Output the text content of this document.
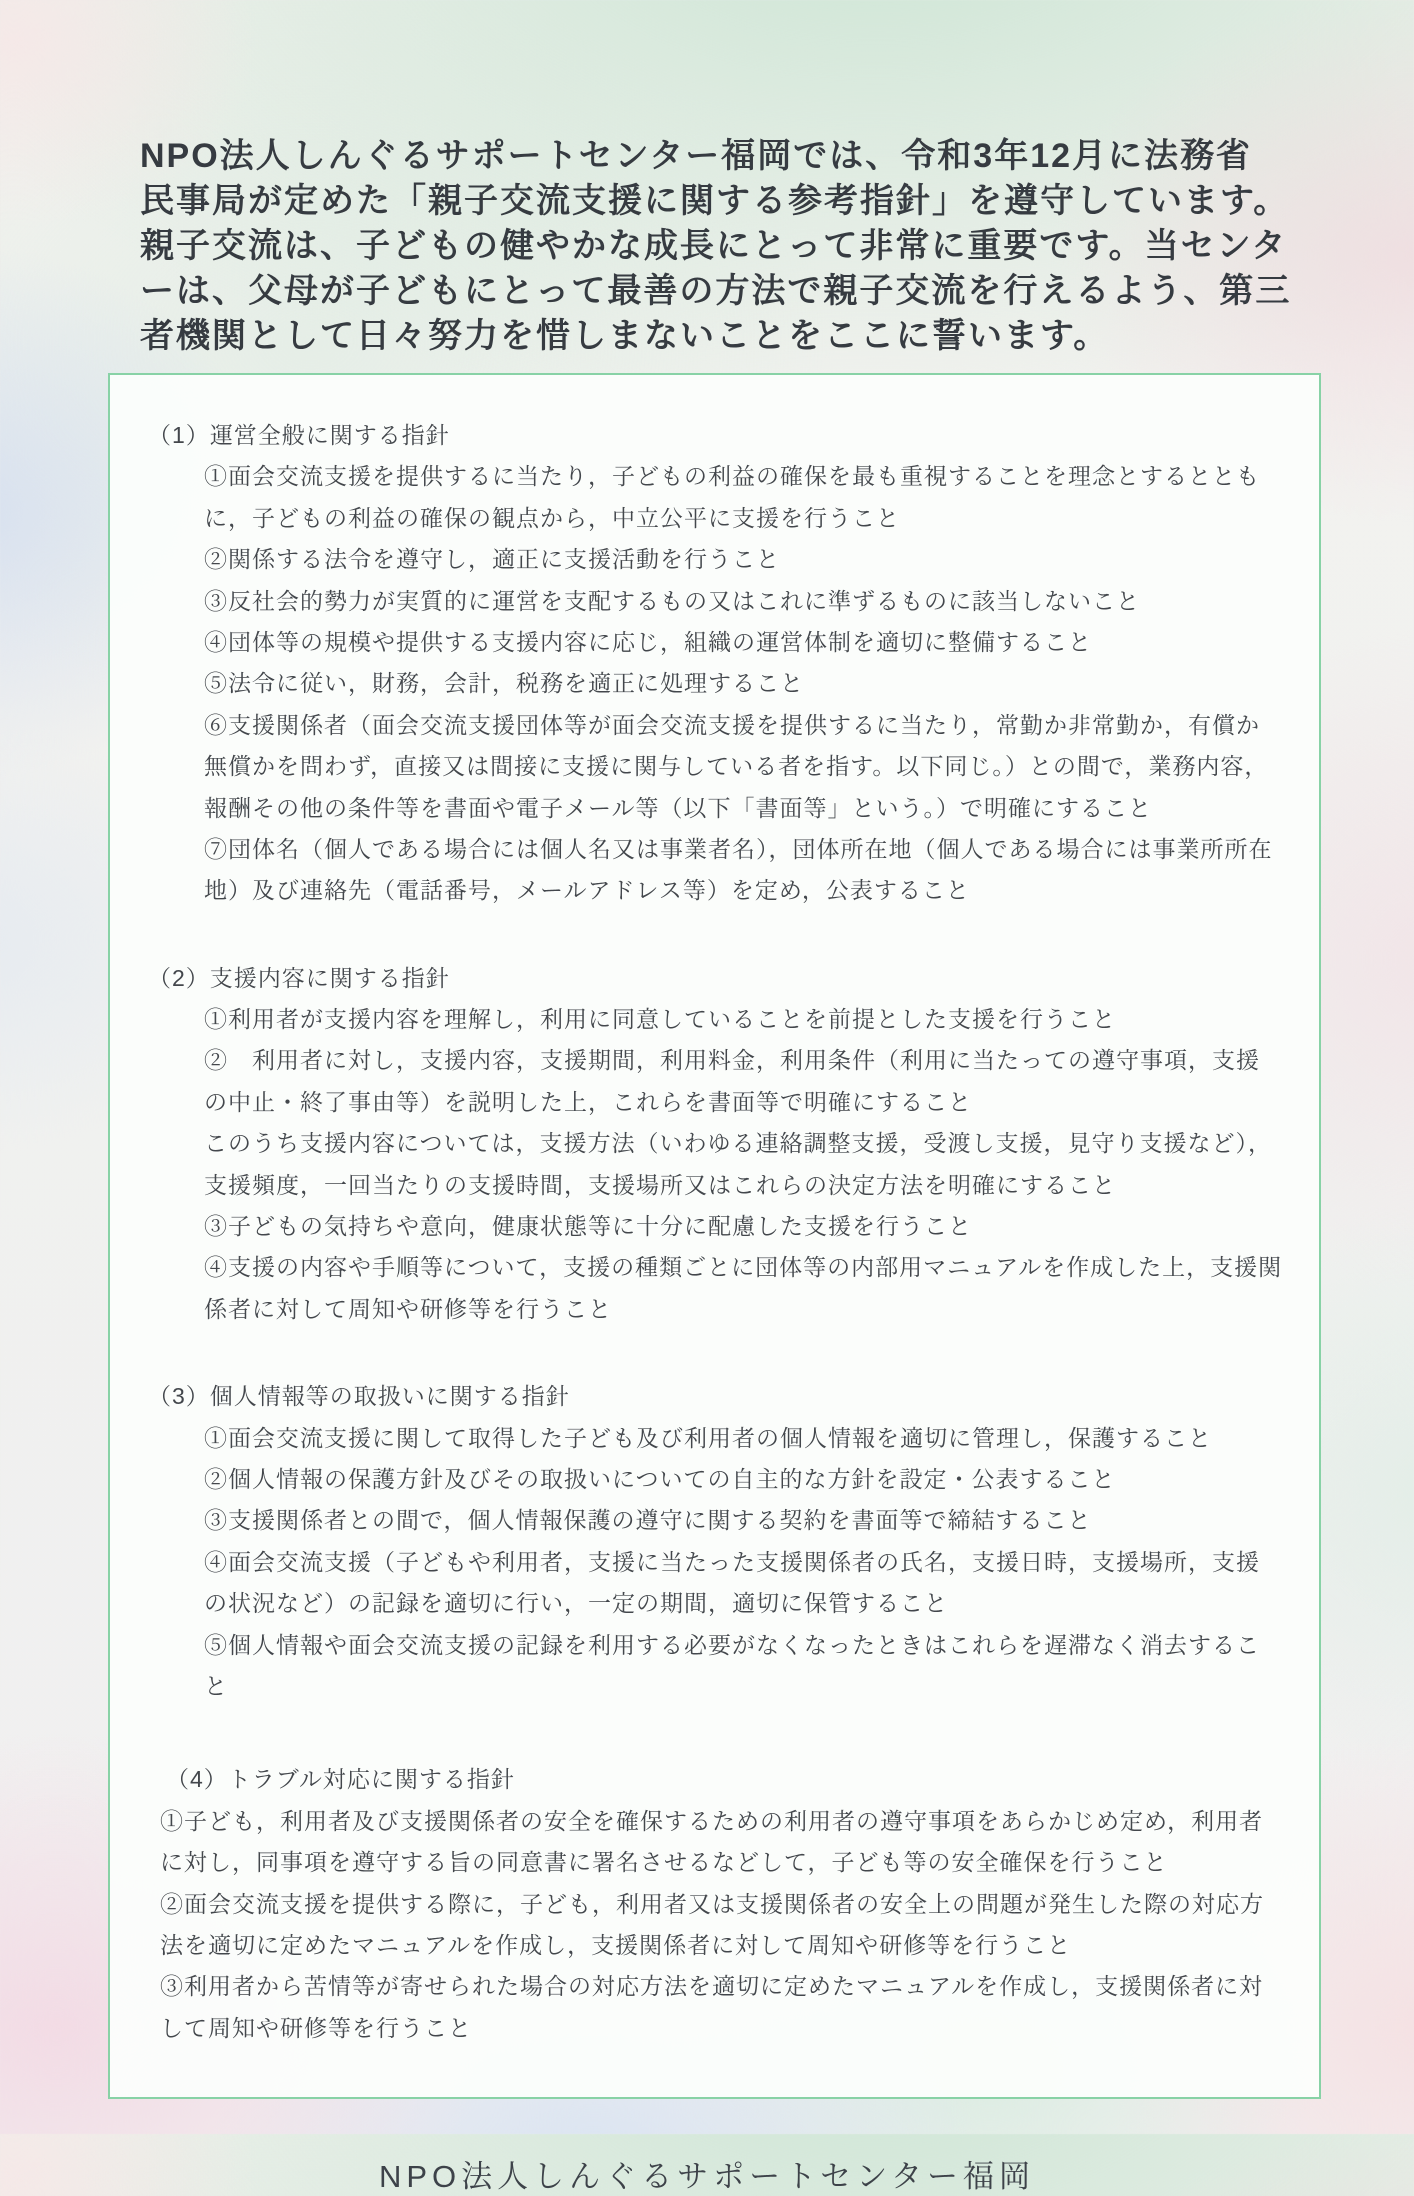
NPO法人しんぐるサポートセンター福岡では、令和3年12月に法務省

民事局が定めた「親子交流支援に関する参考指針」を遵守しています。

親子交流は、子どもの健やかな成長にとって非常に重要です。当センタ

ーは、父母が子どもにとって最善の方法で親子交流を行えるよう、第三

者機関として日々努力を惜しまないことをここに誓います。

（1）運営全般に関する指針

①面会交流支援を提供するに当たり，子どもの利益の確保を最も重視することを理念とするとともに，子どもの利益の確保の観点から，中立公平に支援を行うこと

②関係する法令を遵守し，適正に支援活動を行うこと

③反社会的勢力が実質的に運営を支配するもの又はこれに準ずるものに該当しないこと

④団体等の規模や提供する支援内容に応じ，組織の運営体制を適切に整備すること

⑤法令に従い，財務，会計，税務を適正に処理すること

⑥支援関係者（面会交流支援団体等が面会交流支援を提供するに当たり，常勤か非常勤か，有償か無償かを問わず，直接又は間接に支援に関与している者を指す。以下同じ。）との間で，業務内容，報酬その他の条件等を書面や電子メール等（以下「書面等」という。）で明確にすること

⑦団体名（個人である場合には個人名又は事業者名），団体所在地（個人である場合には事業所所在地）及び連絡先（電話番号，メールアドレス等）を定め，公表すること

（2）支援内容に関する指針

①利用者が支援内容を理解し，利用に同意していることを前提とした支援を行うこと

②　利用者に対し，支援内容，支援期間，利用料金，利用条件（利用に当たっての遵守事項，支援の中止・終了事由等）を説明した上，これらを書面等で明確にすること

このうち支援内容については，支援方法（いわゆる連絡調整支援，受渡し支援，見守り支援など），支援頻度，一回当たりの支援時間，支援場所又はこれらの決定方法を明確にすること

③子どもの気持ちや意向，健康状態等に十分に配慮した支援を行うこと

④支援の内容や手順等について，支援の種類ごとに団体等の内部用マニュアルを作成した上，支援関係者に対して周知や研修等を行うこと

（3）個人情報等の取扱いに関する指針

①面会交流支援に関して取得した子ども及び利用者の個人情報を適切に管理し，保護すること

②個人情報の保護方針及びその取扱いについての自主的な方針を設定・公表すること

③支援関係者との間で，個人情報保護の遵守に関する契約を書面等で締結すること

④面会交流支援（子どもや利用者，支援に当たった支援関係者の氏名，支援日時，支援場所，支援の状況など）の記録を適切に行い，一定の期間，適切に保管すること

⑤個人情報や面会交流支援の記録を利用する必要がなくなったときはこれらを遅滞なく消去すること

（4）トラブル対応に関する指針

①子ども，利用者及び支援関係者の安全を確保するための利用者の遵守事項をあらかじめ定め，利用者に対し，同事項を遵守する旨の同意書に署名させるなどして，子ども等の安全確保を行うこと

②面会交流支援を提供する際に，子ども，利用者又は支援関係者の安全上の問題が発生した際の対応方法を適切に定めたマニュアルを作成し，支援関係者に対して周知や研修等を行うこと

③利用者から苦情等が寄せられた場合の対応方法を適切に定めたマニュアルを作成し，支援関係者に対して周知や研修等を行うこと

NPO法人しんぐるサポートセンター福岡
